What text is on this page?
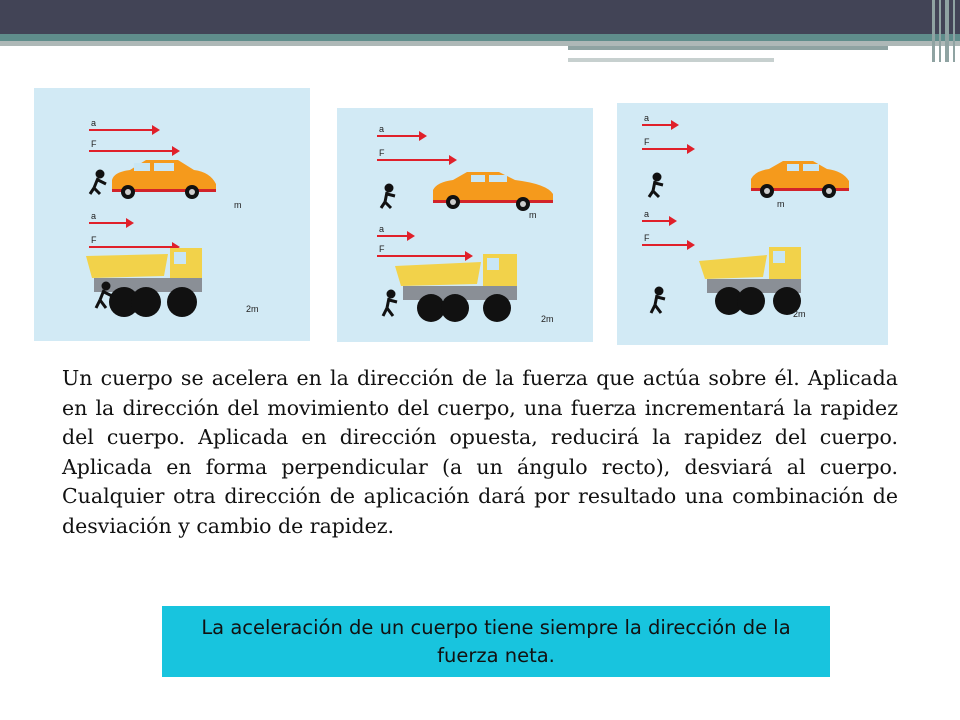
a
F
m
a
F
2m
a
F
m
a
F
2m
a
F
m
a
F
2m

Un cuerpo se acelera en la dirección de la fuerza que actúa sobre él. Aplicada en la dirección del movimiento del cuerpo, una fuerza incrementará la rapidez del cuerpo. Aplicada en dirección opuesta, reducirá la rapidez del cuerpo. Aplicada en forma perpendicular (a un ángulo recto), desviará al cuerpo. Cualquier otra dirección de aplicación dará por resultado una combinación de desviación y cambio de rapidez.

La aceleración de un cuerpo tiene siempre la dirección de la fuerza neta.
